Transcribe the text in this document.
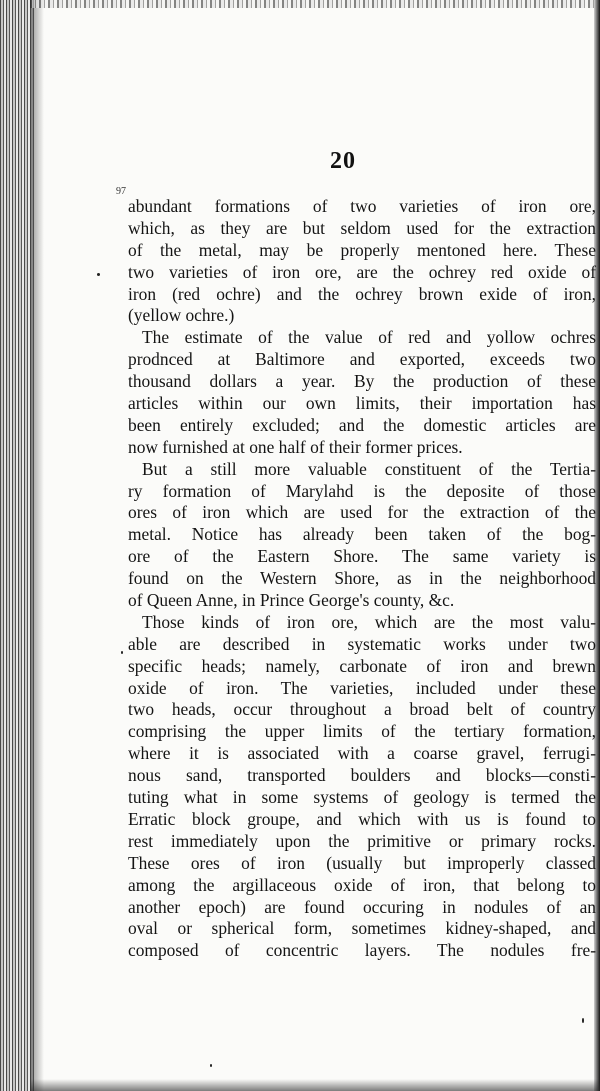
20
97
abundant formations of two varieties of iron ore,
which, as they are but seldom used for the extraction
of the metal, may be properly mentoned here. These
two varieties of iron ore, are the ochrey red oxide of
iron (red ochre) and the ochrey brown exide of iron,
(yellow ochre.)
The estimate of the value of red and yollow ochres
prodnced at Baltimore and exported, exceeds two
thousand dollars a year. By the production of these
articles within our own limits, their importation has
been entirely excluded; and the domestic articles are
now furnished at one half of their former prices.
But a still more valuable constituent of the Tertia-
ry formation of Marylahd is the deposite of those
ores of iron which are used for the extraction of the
metal. Notice has already been taken of the bog-
ore of the Eastern Shore. The same variety is
found on the Western Shore, as in the neighborhood
of Queen Anne, in Prince George's county, &c.
Those kinds of iron ore, which are the most valu-
able are described in systematic works under two
specific heads; namely, carbonate of iron and brewn
oxide of iron. The varieties, included under these
two heads, occur throughout a broad belt of country
comprising the upper limits of the tertiary formation,
where it is associated with a coarse gravel, ferrugi-
nous sand, transported boulders and blocks—consti-
tuting what in some systems of geology is termed the
Erratic block groupe, and which with us is found to
rest immediately upon the primitive or primary rocks.
These ores of iron (usually but improperly classed
among the argillaceous oxide of iron, that belong to
another epoch) are found occuring in nodules of an
oval or spherical form, sometimes kidney-shaped, and
composed of concentric layers. The nodules fre-
